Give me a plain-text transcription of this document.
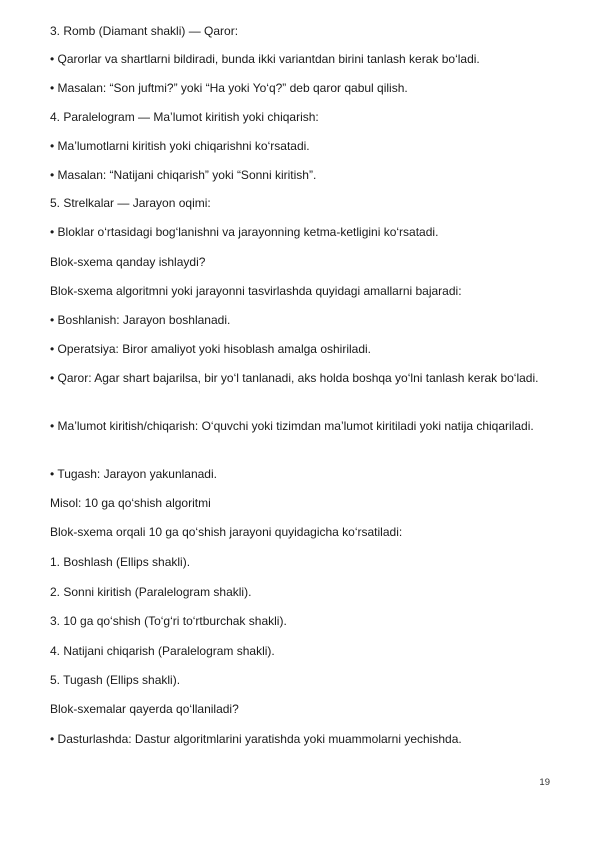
3. Romb (Diamant shakli) — Qaror:
• Qarorlar va shartlarni bildiradi, bunda ikki variantdan birini tanlash kerak bo‘ladi.
• Masalan: “Son juftmi?” yoki “Ha yoki Yo‘q?” deb qaror qabul qilish.
4. Paralelogram — Ma’lumot kiritish yoki chiqarish:
• Ma’lumotlarni kiritish yoki chiqarishni ko‘rsatadi.
• Masalan: “Natijani chiqarish” yoki “Sonni kiritish”.
5. Strelkalar — Jarayon oqimi:
• Bloklar o‘rtasidagi bog‘lanishni va jarayonning ketma-ketligini ko‘rsatadi.
Blok-sxema qanday ishlaydi?
Blok-sxema algoritmni yoki jarayonni tasvirlashda quyidagi amallarni bajaradi:
• Boshlanish: Jarayon boshlanadi.
• Operatsiya: Biror amaliyot yoki hisoblash amalga oshiriladi.
• Qaror: Agar shart bajarilsa, bir yo‘l tanlanadi, aks holda boshqa yo‘lni tanlash kerak bo‘ladi.
• Ma’lumot kiritish/chiqarish: O‘quvchi yoki tizimdan ma’lumot kiritiladi yoki natija chiqariladi.
• Tugash: Jarayon yakunlanadi.
Misol: 10 ga qo‘shish algoritmi
Blok-sxema orqali 10 ga qo‘shish jarayoni quyidagicha ko‘rsatiladi:
1. Boshlash (Ellips shakli).
2. Sonni kiritish (Paralelogram shakli).
3. 10 ga qo‘shish (To‘g‘ri to‘rtburchak shakli).
4. Natijani chiqarish (Paralelogram shakli).
5. Tugash (Ellips shakli).
Blok-sxemalar qayerda qo‘llaniladi?
• Dasturlashda: Dastur algoritmlarini yaratishda yoki muammolarni yechishda.
19
